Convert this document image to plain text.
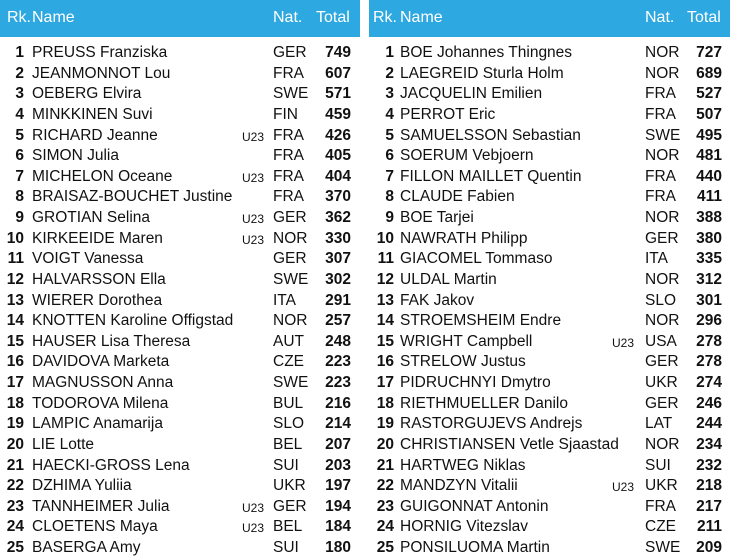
Rk. Name	Nat. Total
1 PREUSS Franziska	GER	749
2 JEANMONNOT Lou	FRA	607
3 OEBERG Elvira	SWE	571
4 MINKKINEN Suvi	FIN	459
5 RICHARD Jeanne	U23 FRA	426
6 SIMON Julia	FRA	405
7 MICHELON Oceane	U23 FRA	404
8 BRAISAZ-BOUCHET Justine	FRA	370
9 GROTIAN Selina	U23 GER	362
10 KIRKEEIDE Maren	U23 NOR	330
11 VOIGT Vanessa	GER	307
12 HALVARSSON Ella	SWE	302
13 WIERER Dorothea	ITA	291
14 KNOTTEN Karoline Offigstad	NOR	257
15 HAUSER Lisa Theresa	AUT	248
16 DAVIDOVA Marketa	CZE	223
17 MAGNUSSON Anna	SWE	223
18 TODOROVA Milena	BUL	216
19 LAMPIC Anamarija	SLO	214
20 LIE Lotte	BEL	207
21 HAECKI-GROSS Lena	SUI	203
22 DZHIMA Yuliia	UKR	197
23 TANNHEIMER Julia	U23 GER	194
24 CLOETENS Maya	U23 BEL	184
25 BASERGA Amy	SUI	180
Rk. Name	Nat. Total
1 BOE Johannes Thingnes	NOR	727
2 LAEGREID Sturla Holm	NOR	689
3 JACQUELIN Emilien	FRA	527
4 PERROT Eric	FRA	507
5 SAMUELSSON Sebastian	SWE	495
6 SOERUM Vebjoern	NOR	481
7 FILLON MAILLET Quentin	FRA	440
8 CLAUDE Fabien	FRA	411
9 BOE Tarjei	NOR	388
10 NAWRATH Philipp	GER	380
11 GIACOMEL Tommaso	ITA	335
12 ULDAL Martin	NOR	312
13 FAK Jakov	SLO	301
14 STROEMSHEIM Endre	NOR	296
15 WRIGHT Campbell	U23 USA	278
16 STRELOW Justus	GER	278
17 PIDRUCHNYI Dmytro	UKR	274
18 RIETHMUELLER Danilo	GER	246
19 RASTORGUJEVS Andrejs	LAT	244
20 CHRISTIANSEN Vetle Sjaastad NOR	234
21 HARTWEG Niklas	SUI	232
22 MANDZYN Vitalii	U23 UKR	218
23 GUIGONNAT Antonin	FRA	217
24 HORNIG Vitezslav	CZE	211
25 PONSILUOMA Martin	SWE	209
